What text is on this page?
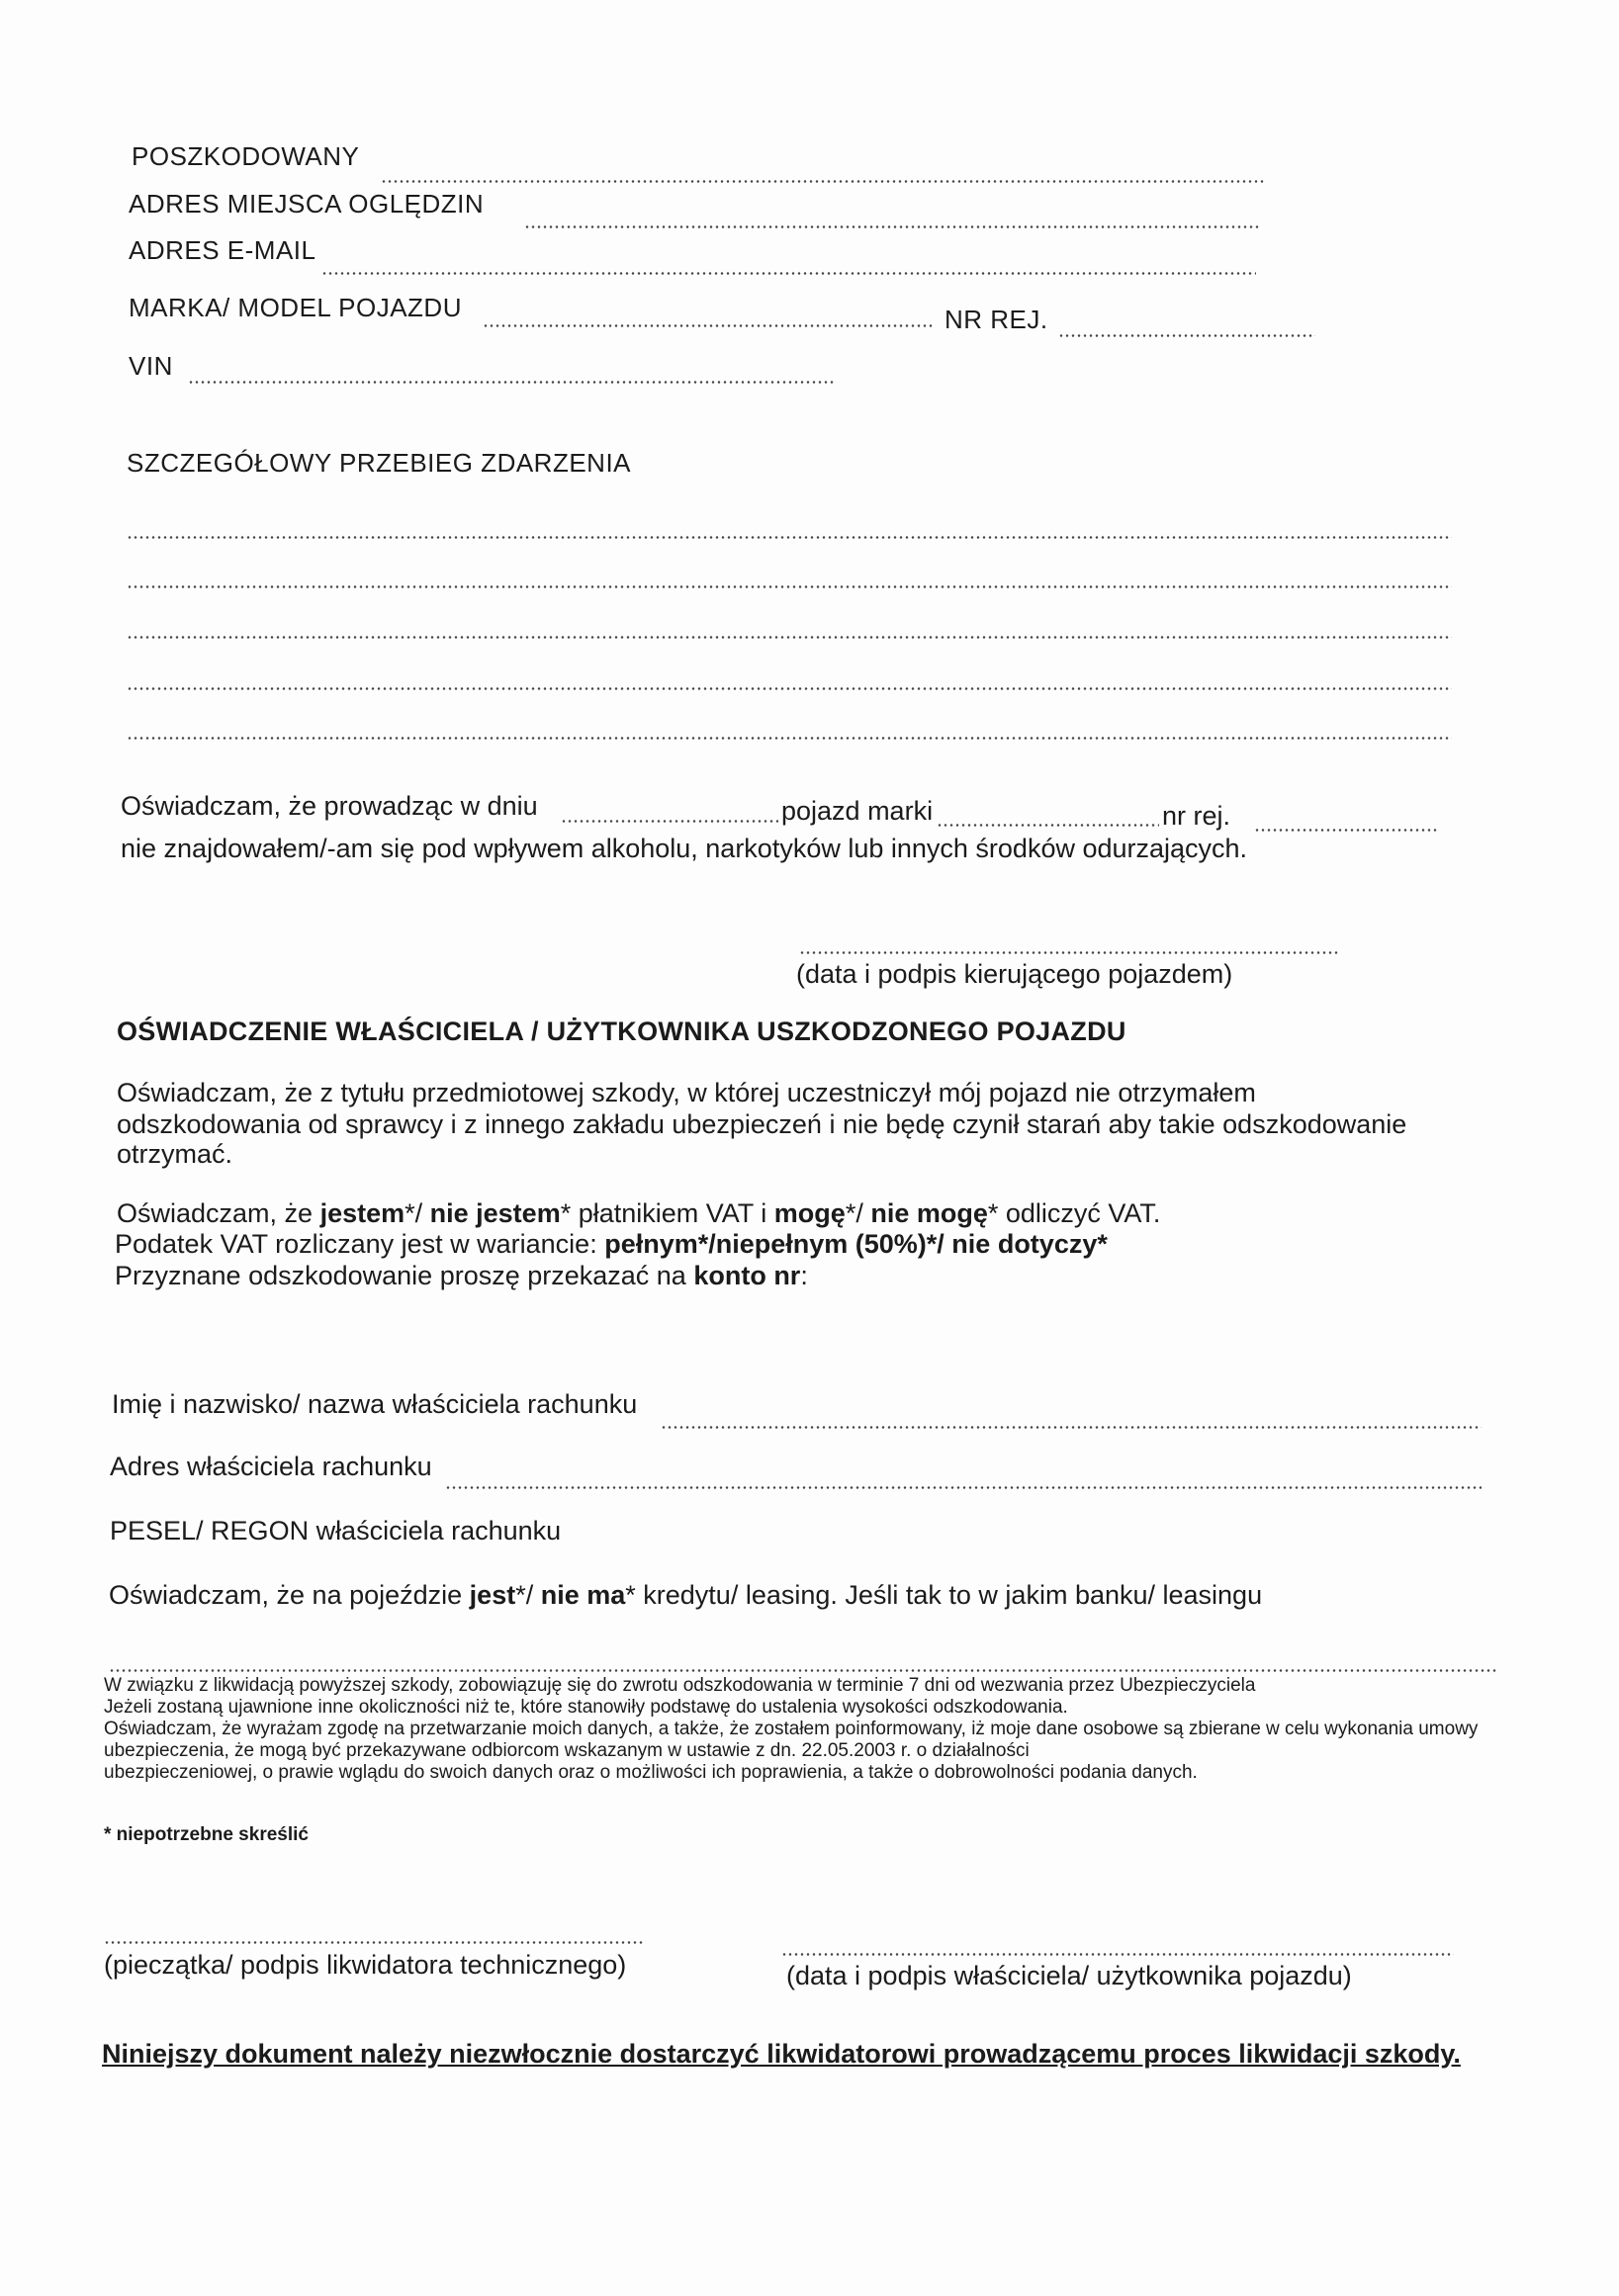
POSZKODOWANY
ADRES MIEJSCA OGLĘDZIN
ADRES E-MAIL
MARKA/ MODEL POJAZDU	NR REJ.
VIN
SZCZEGÓŁOWY PRZEBIEG ZDARZENIA
Oświadczam, że prowadząc w dniu	pojazd marki	nr rej.
nie znajdowałem/-am się pod wpływem alkoholu, narkotyków lub innych środków odurzających.
(data i podpis kierującego pojazdem)
OŚWIADCZENIE WŁAŚCICIELA / UŻYTKOWNIKA USZKODZONEGO POJAZDU
Oświadczam, że z tytułu przedmiotowej szkody, w której uczestniczył mój pojazd nie otrzymałem
odszkodowania od sprawcy i z innego zakładu ubezpieczeń i nie będę czynił starań aby takie odszkodowanie
otrzymać.
Oświadczam, że jestem*/ nie jestem* płatnikiem VAT i mogę*/ nie mogę* odliczyć VAT.
Podatek VAT rozliczany jest w wariancie: pełnym*/niepełnym (50%)*/ nie dotyczy*
Przyznane odszkodowanie proszę przekazać na konto nr:
Imię i nazwisko/ nazwa właściciela rachunku
Adres właściciela rachunku
PESEL/ REGON właściciela rachunku
Oświadczam, że na pojeździe jest*/ nie ma* kredytu/ leasing. Jeśli tak to w jakim banku/ leasingu

W związku z likwidacją powyższej szkody, zobowiązuję się do zwrotu odszkodowania w terminie 7 dni od wezwania przez Ubezpieczyciela

Jeżeli zostaną ujawnione inne okoliczności niż te, które stanowiły podstawę do ustalenia wysokości odszkodowania.

Oświadczam, że wyrażam zgodę na przetwarzanie moich danych, a także, że zostałem poinformowany, iż moje dane osobowe są zbierane w celu wykonania umowy ubezpieczenia, że mogą być przekazywane odbiorcom wskazanym w ustawie z dn. 22.05.2003 r. o działalności

ubezpieczeniowej, o prawie wglądu do swoich danych oraz o możliwości ich poprawienia, a także o dobrowolności podania danych.

* niepotrzebne skreślić
(pieczątka/ podpis likwidatora technicznego)	(data i podpis właściciela/ użytkownika pojazdu)
Niniejszy dokument należy niezwłocznie dostarczyć likwidatorowi prowadzącemu proces likwidacji szkody.
